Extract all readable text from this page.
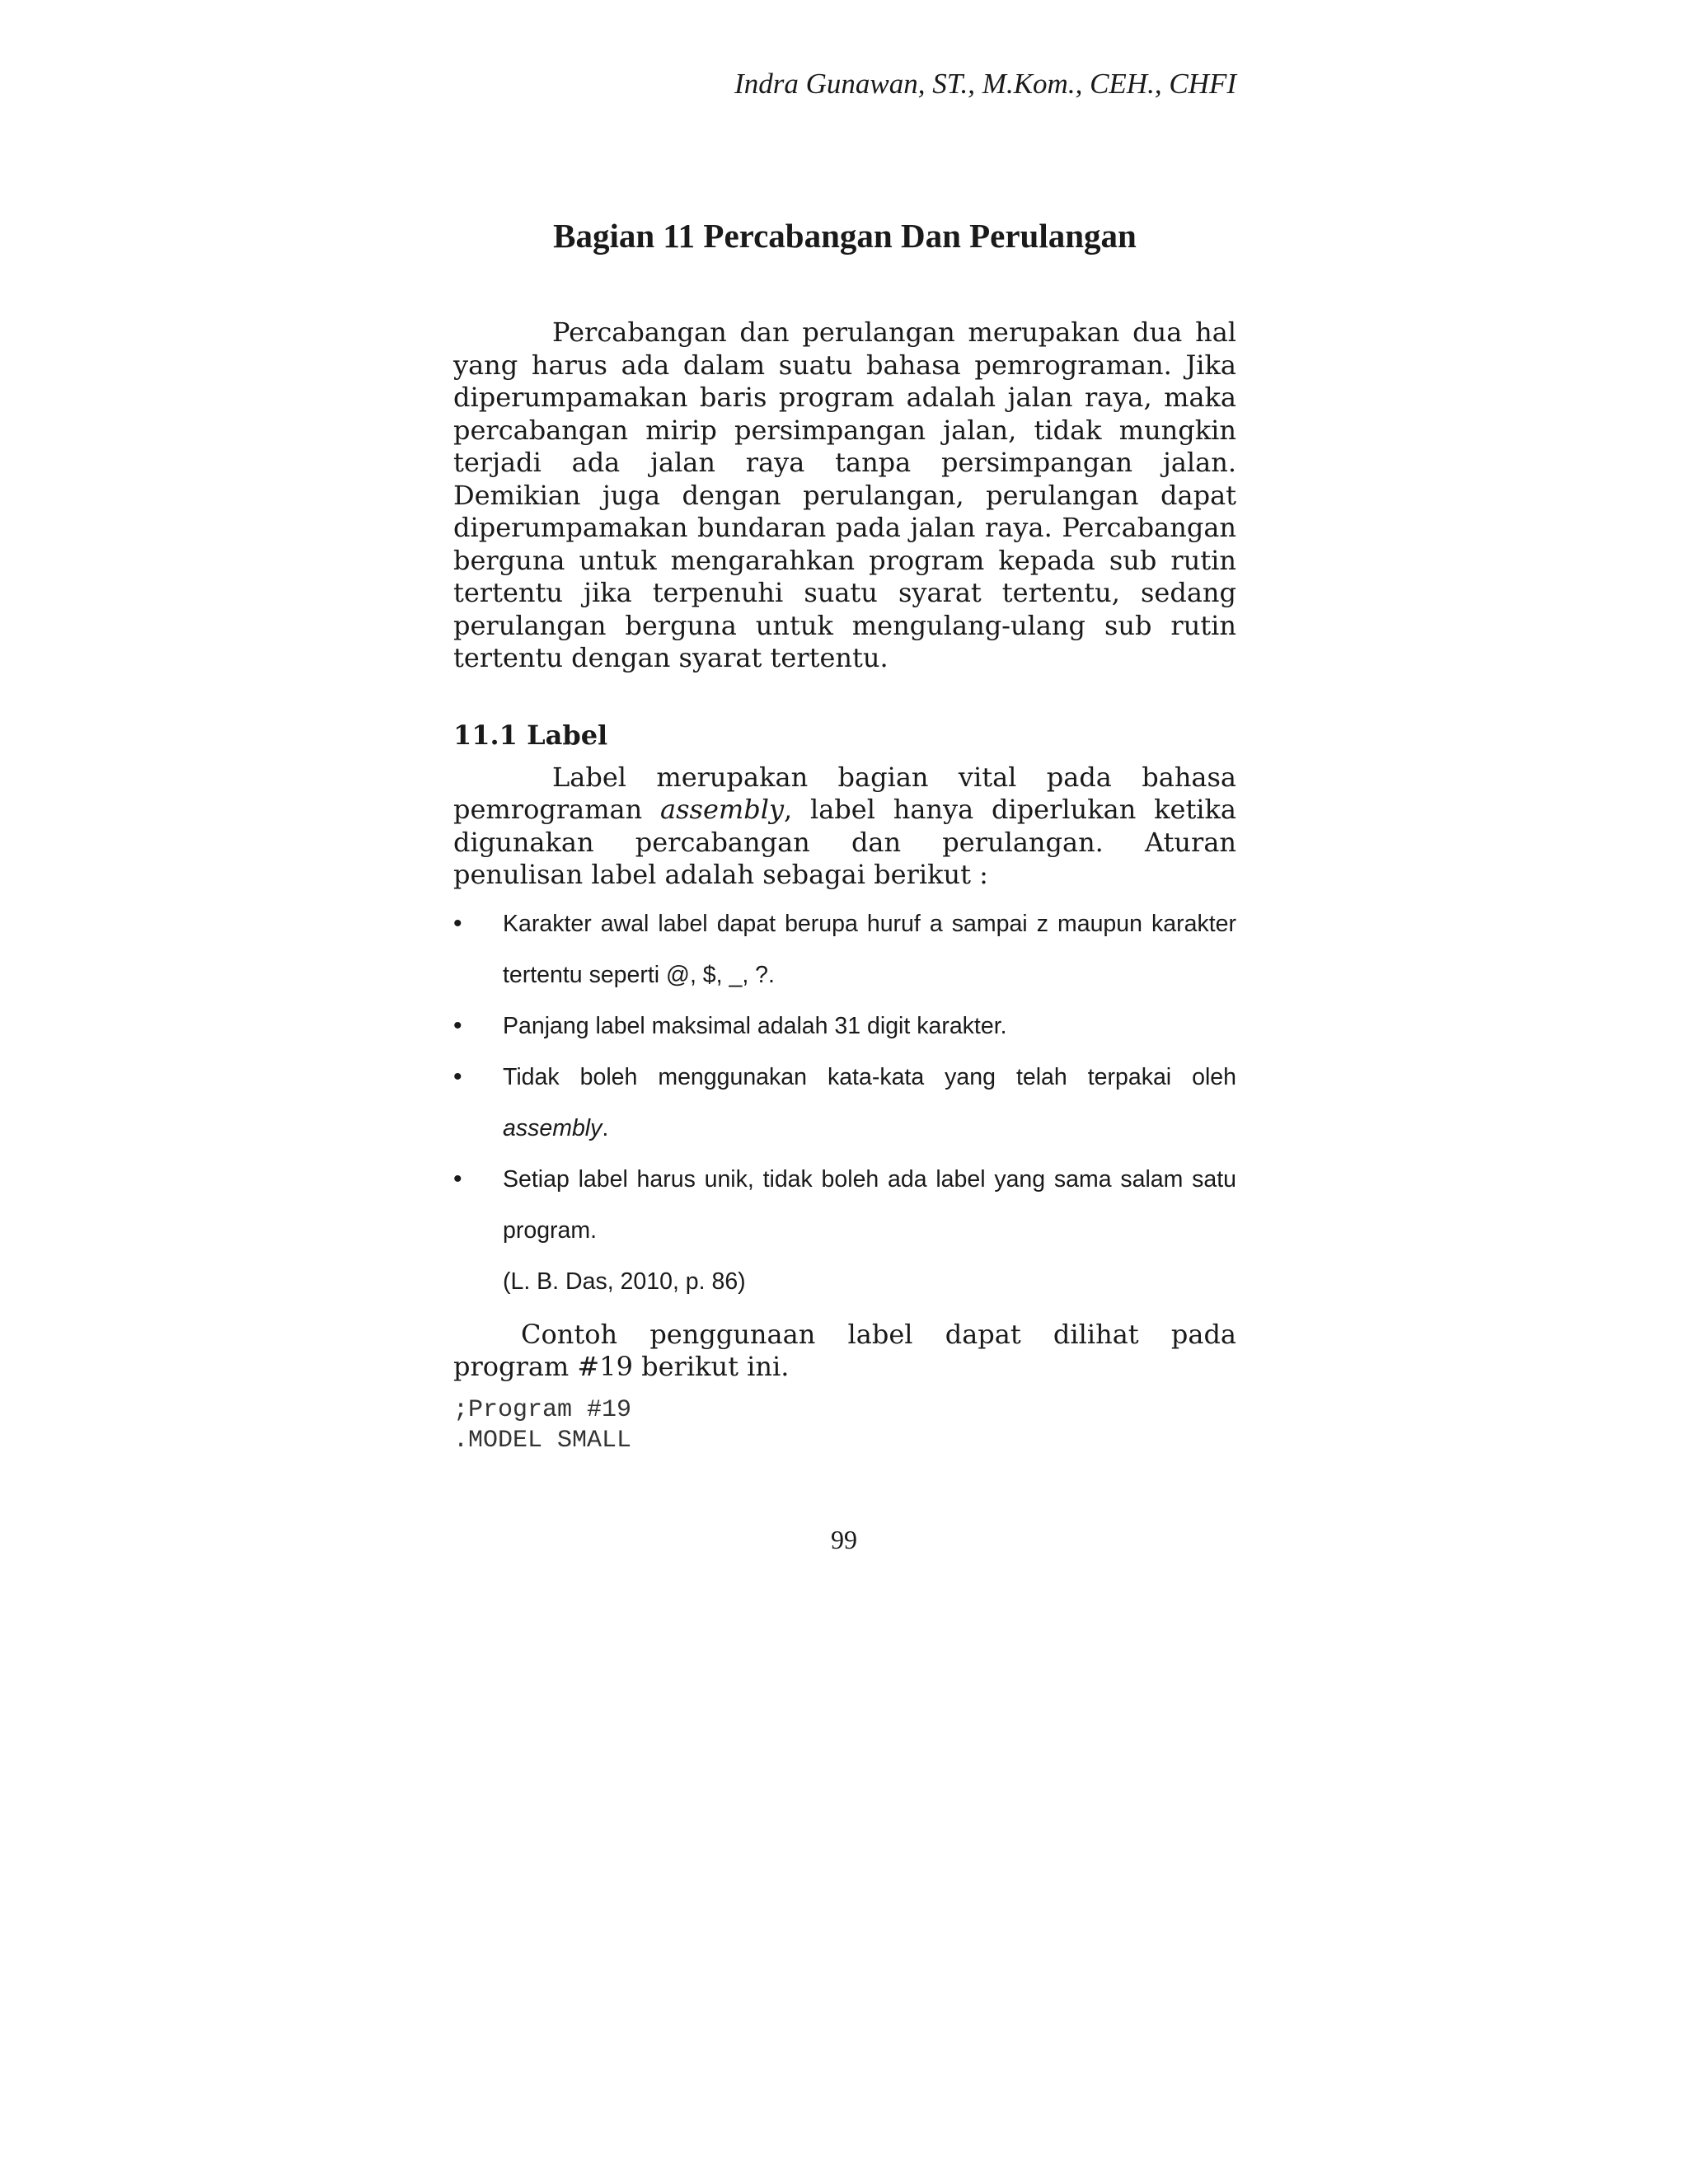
Indra Gunawan, ST., M.Kom., CEH., CHFI
Bagian 11 Percabangan Dan Perulangan

Percabangan dan perulangan merupakan dua hal yang harus ada dalam suatu bahasa pemrograman. Jika diperumpamakan baris program adalah jalan raya, maka percabangan mirip persimpangan jalan, tidak mungkin terjadi ada jalan raya tanpa persimpangan jalan. Demikian juga dengan perulangan, perulangan dapat diperumpamakan bundaran pada jalan raya. Percabangan berguna untuk mengarahkan program kepada sub rutin tertentu jika terpenuhi suatu syarat tertentu, sedang perulangan berguna untuk mengulang-ulang sub rutin tertentu dengan syarat tertentu.

11.1 Label

Label merupakan bagian vital pada bahasa pemrograman assembly, label hanya diperlukan ketika digunakan percabangan dan perulangan. Aturan penulisan label adalah sebagai berikut :

• Karakter awal label dapat berupa huruf a sampai z maupun karakter tertentu seperti @, $, _, ?.
• Panjang label maksimal adalah 31 digit karakter.
• Tidak boleh menggunakan kata-kata yang telah terpakai oleh assembly.
• Setiap label harus unik, tidak boleh ada label yang sama salam satu program.

(L. B. Das, 2010, p. 86)

Contoh penggunaan label dapat dilihat pada program #19 berikut ini.

;Program #19

.MODEL SMALL

99
